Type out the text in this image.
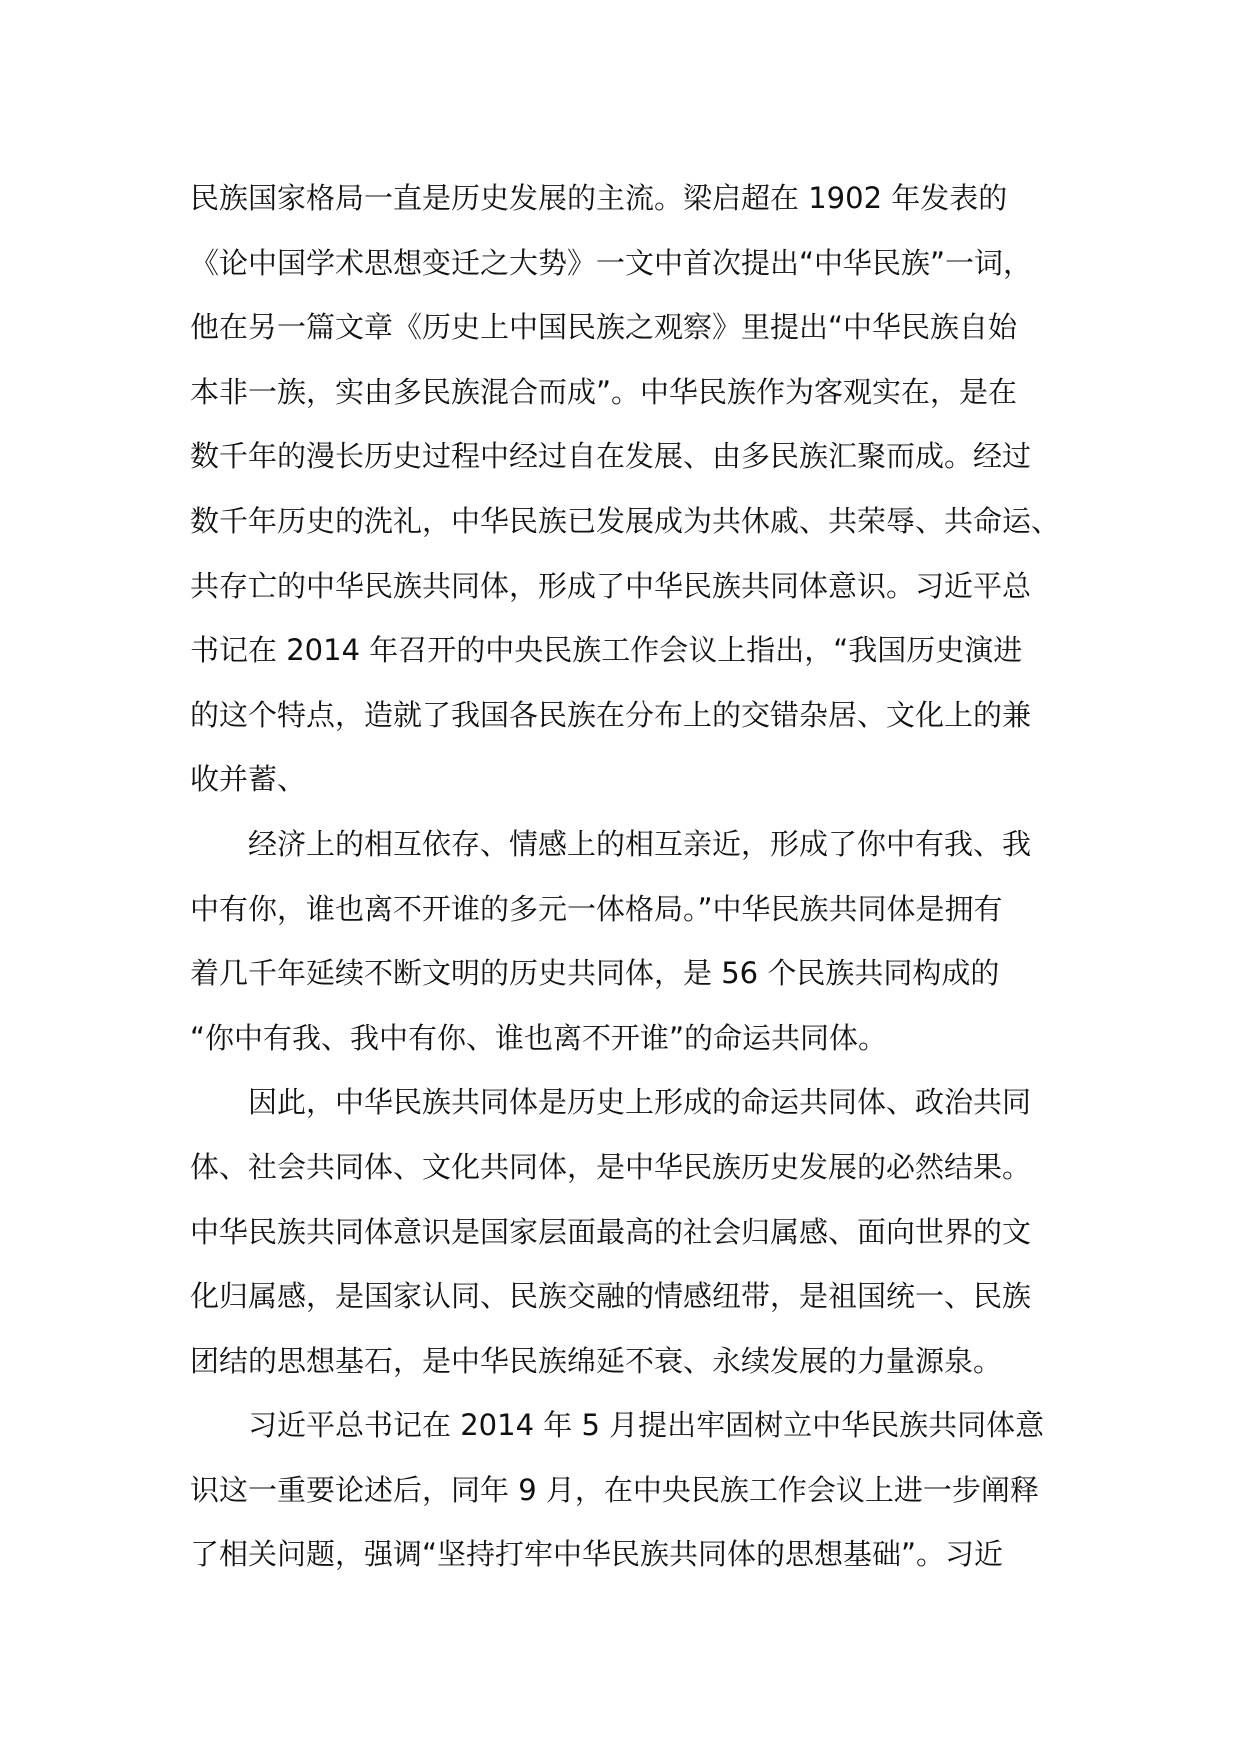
民族国家格局一直是历史发展的主流。梁启超在 1902 年发表的
《论中国学术思想变迁之大势》一文中首次提出“中华民族”一词，
他在另一篇文章《历史上中国民族之观察》里提出“中华民族自始
本非一族，实由多民族混合而成”。中华民族作为客观实在，是在
数千年的漫长历史过程中经过自在发展、由多民族汇聚而成。经过
数千年历史的洗礼，中华民族已发展成为共休戚、共荣辱、共命运、
共存亡的中华民族共同体，形成了中华民族共同体意识。习近平总
书记在 2014 年召开的中央民族工作会议上指出，“我国历史演进
的这个特点，造就了我国各民族在分布上的交错杂居、文化上的兼
收并蓄、

经济上的相互依存、情感上的相互亲近，形成了你中有我、我
中有你，谁也离不开谁的多元一体格局。”中华民族共同体是拥有
着几千年延续不断文明的历史共同体，是 56 个民族共同构成的
“你中有我、我中有你、谁也离不开谁”的命运共同体。

因此，中华民族共同体是历史上形成的命运共同体、政治共同
体、社会共同体、文化共同体，是中华民族历史发展的必然结果。
中华民族共同体意识是国家层面最高的社会归属感、面向世界的文
化归属感，是国家认同、民族交融的情感纽带，是祖国统一、民族
团结的思想基石，是中华民族绵延不衰、永续发展的力量源泉。

习近平总书记在 2014 年 5 月提出牢固树立中华民族共同体意
识这一重要论述后，同年 9 月，在中央民族工作会议上进一步阐释
了相关问题，强调“坚持打牢中华民族共同体的思想基础”。习近
